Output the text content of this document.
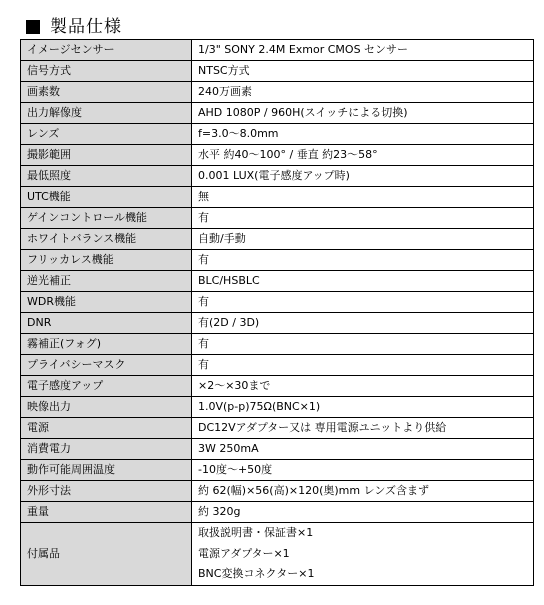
製品仕様
イメージセンサー	1/3" SONY 2.4M Exmor CMOS センサー
信号方式	NTSC方式
画素数	240万画素
出力解像度	AHD 1080P / 960H(スイッチによる切換)
レンズ	f=3.0～8.0mm
撮影範囲	水平 約40～100° / 垂直 約23～58°
最低照度	0.001 LUX(電子感度アップ時)
UTC機能	無
ゲインコントロール機能	有
ホワイトバランス機能	自動/手動
フリッカレス機能	有
逆光補正	BLC/HSBLC
WDR機能	有
DNR	有(2D / 3D)
霧補正(フォグ)	有
プライバシーマスク	有
電子感度アップ	×2～×30まで
映像出力	1.0V(p-p)75Ω(BNC×1)
電源	DC12Vアダプター又は 専用電源ユニットより供給
消費電力	3W 250mA
動作可能周囲温度	-10度～+50度
外形寸法	約 62(幅)×56(高)×120(奥)mm レンズ含まず
重量	約 320g
付属品	取扱説明書・保証書×1
電源アダプター×1
BNC変換コネクター×1
